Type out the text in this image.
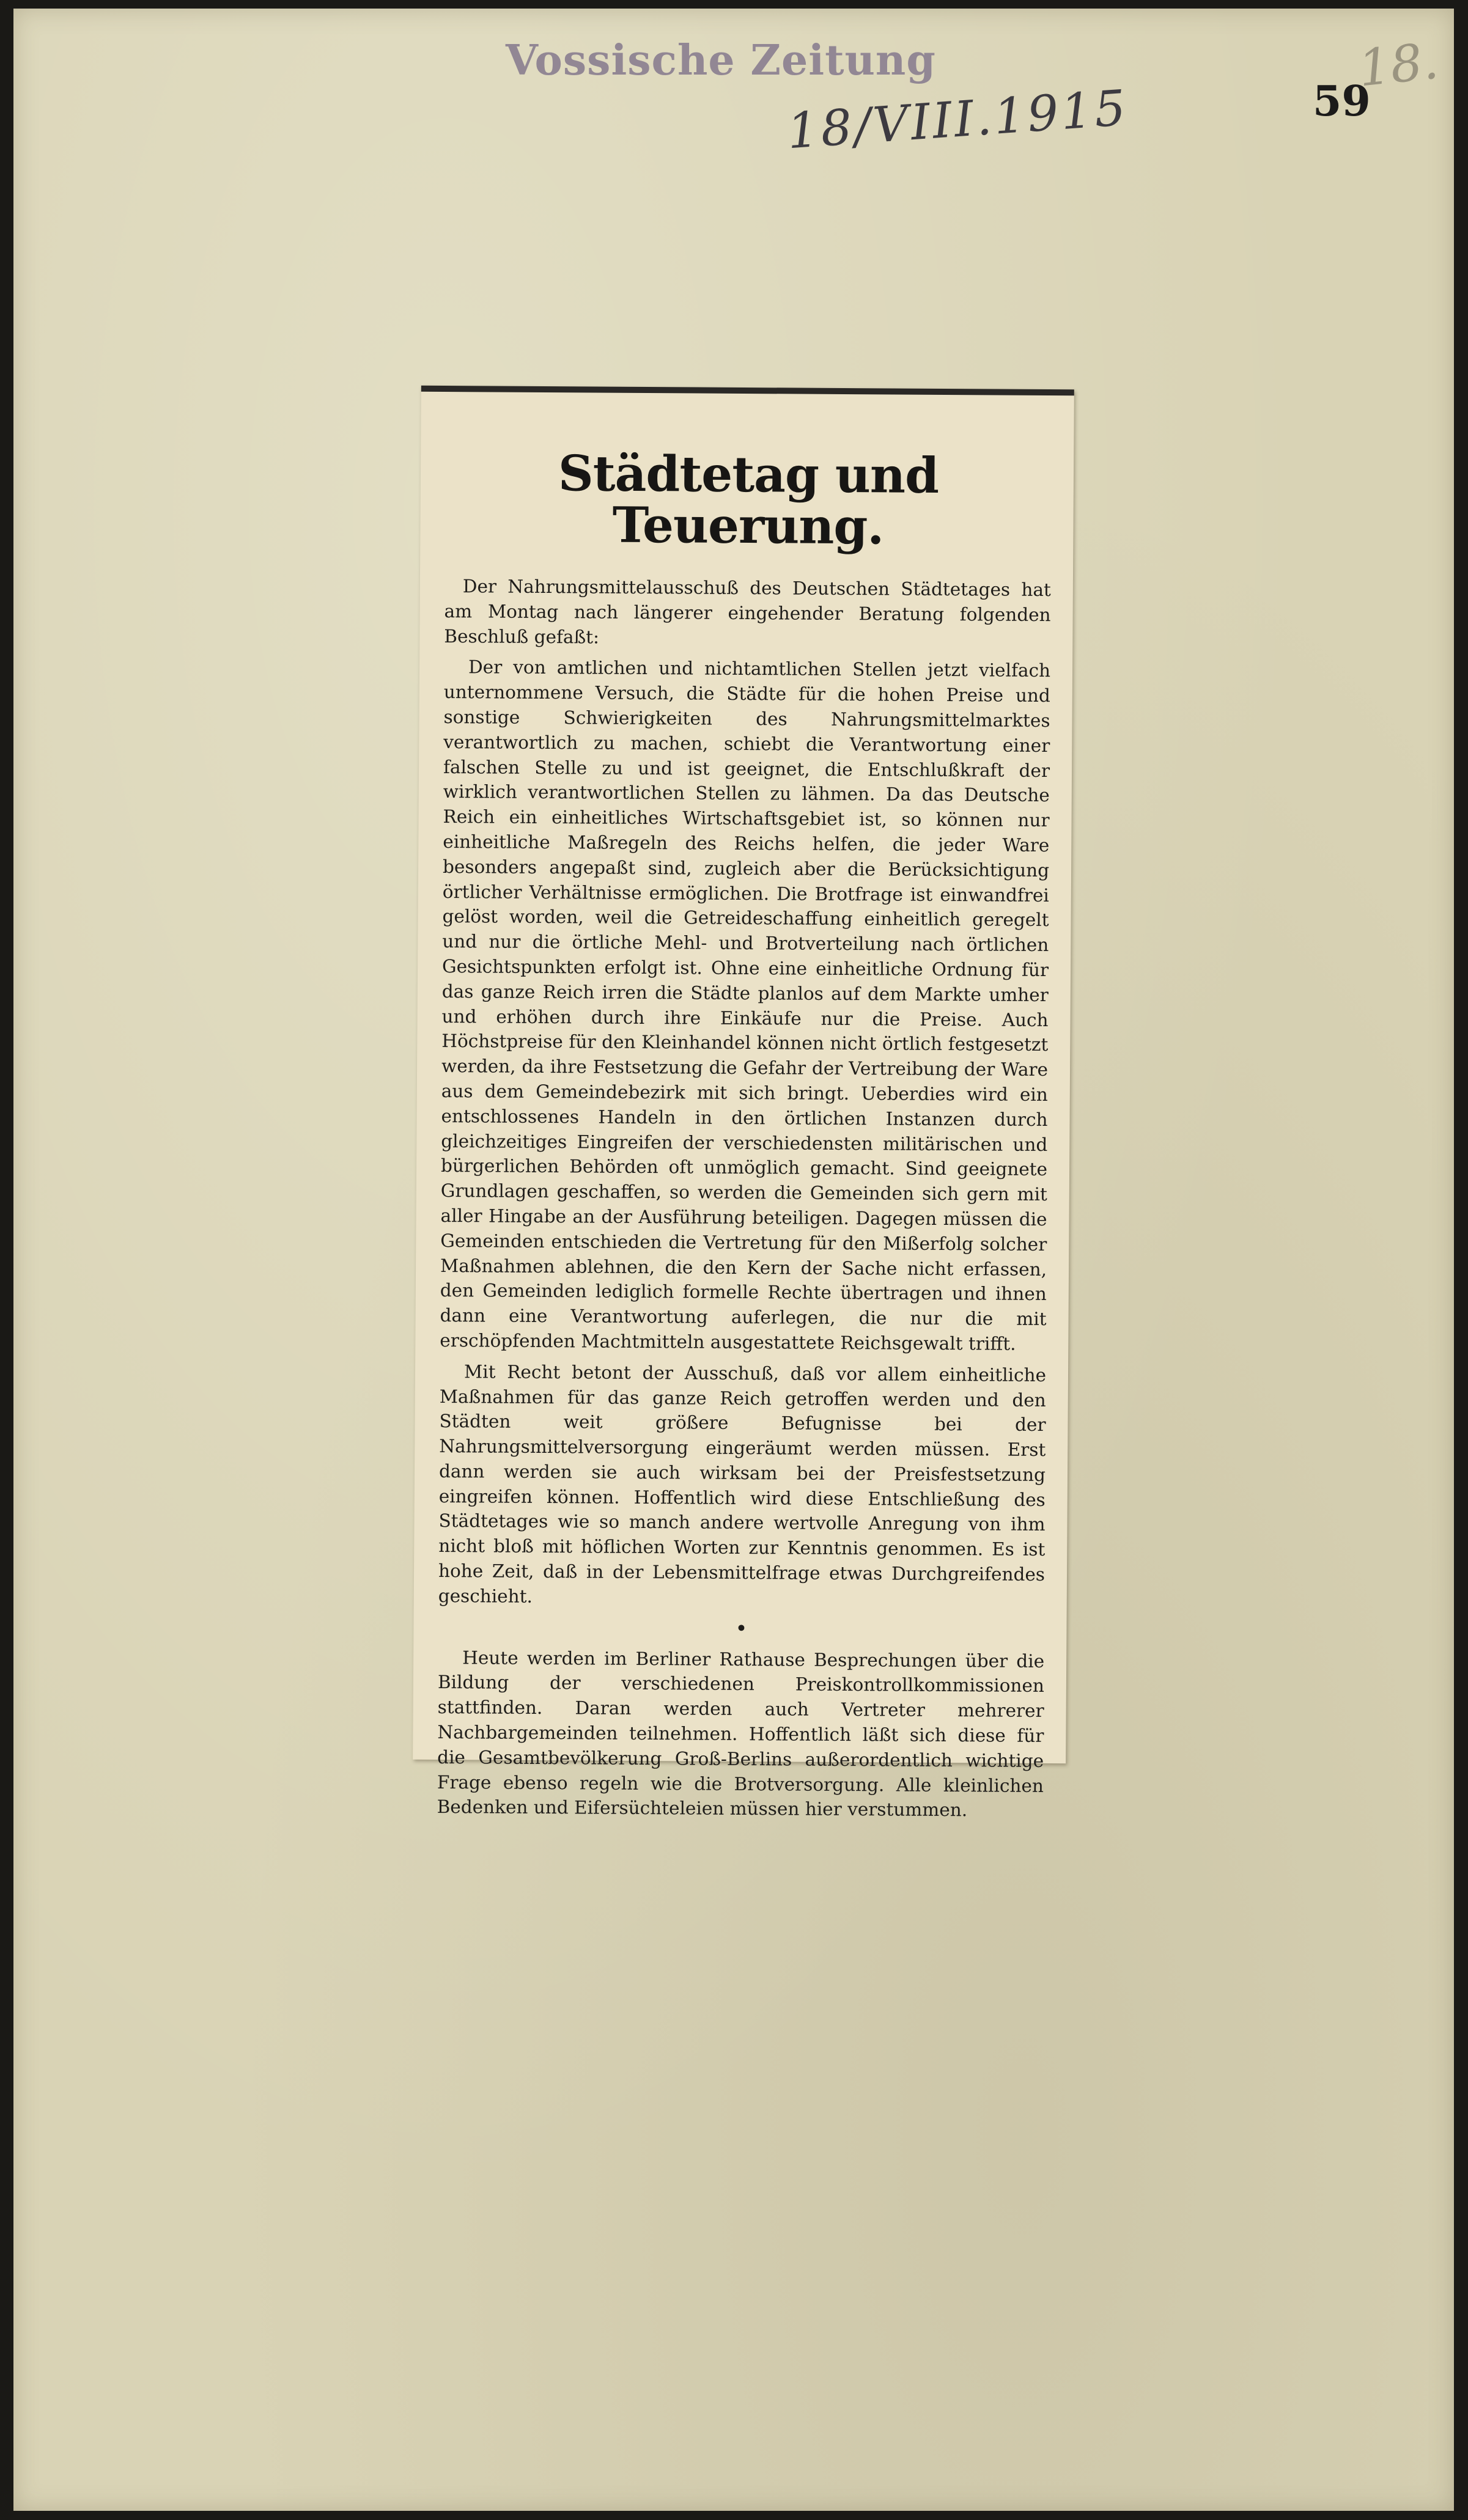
Vossische Zeitung
18/VIII.1915
18.
59
Städtetag und Teuerung.

Der Nahrungsmittelausschuß des Deutschen Städtetages hat am Montag nach längerer eingehender Beratung folgenden Beschluß gefaßt:

Der von amtlichen und nichtamtlichen Stellen jetzt vielfach unternommene Versuch, die Städte für die hohen Preise und sonstige Schwierigkeiten des Nahrungsmittelmarktes verantwortlich zu machen, schiebt die Verantwortung einer falschen Stelle zu und ist geeignet, die Entschlußkraft der wirklich verantwortlichen Stellen zu lähmen. Da das Deutsche Reich ein einheitliches Wirtschaftsgebiet ist, so können nur einheitliche Maßregeln des Reichs helfen, die jeder Ware besonders angepaßt sind, zugleich aber die Berücksichtigung örtlicher Verhältnisse ermöglichen. Die Brotfrage ist einwandfrei gelöst worden, weil die Getreideschaffung einheitlich geregelt und nur die örtliche Mehl- und Brotverteilung nach örtlichen Gesichtspunkten erfolgt ist. Ohne eine einheitliche Ordnung für das ganze Reich irren die Städte planlos auf dem Markte umher und erhöhen durch ihre Einkäufe nur die Preise. Auch Höchstpreise für den Kleinhandel können nicht örtlich festgesetzt werden, da ihre Festsetzung die Gefahr der Vertreibung der Ware aus dem Gemeindebezirk mit sich bringt. Ueberdies wird ein entschlossenes Handeln in den örtlichen Instanzen durch gleichzeitiges Eingreifen der verschiedensten militärischen und bürgerlichen Behörden oft unmöglich gemacht. Sind geeignete Grundlagen geschaffen, so werden die Gemeinden sich gern mit aller Hingabe an der Ausführung beteiligen. Dagegen müssen die Gemeinden entschieden die Vertretung für den Mißerfolg solcher Maßnahmen ablehnen, die den Kern der Sache nicht erfassen, den Gemeinden lediglich formelle Rechte übertragen und ihnen dann eine Verantwortung auferlegen, die nur die mit erschöpfenden Machtmitteln ausgestattete Reichsgewalt trifft.

Mit Recht betont der Ausschuß, daß vor allem einheitliche Maßnahmen für das ganze Reich getroffen werden und den Städten weit größere Befugnisse bei der Nahrungsmittelversorgung eingeräumt werden müssen. Erst dann werden sie auch wirksam bei der Preisfestsetzung eingreifen können. Hoffentlich wird diese Entschließung des Städtetages wie so manch andere wertvolle Anregung von ihm nicht bloß mit höflichen Worten zur Kenntnis genommen. Es ist hohe Zeit, daß in der Lebensmittelfrage etwas Durchgreifendes geschieht.

•

Heute werden im Berliner Rathause Besprechungen über die Bildung der verschiedenen Preiskontrollkommissionen stattfinden. Daran werden auch Vertreter mehrerer Nachbargemeinden teilnehmen. Hoffentlich läßt sich diese für die Gesamtbevölkerung Groß-Berlins außerordentlich wichtige Frage ebenso regeln wie die Brotversorgung. Alle kleinlichen Bedenken und Eifersüchteleien müssen hier verstummen.
